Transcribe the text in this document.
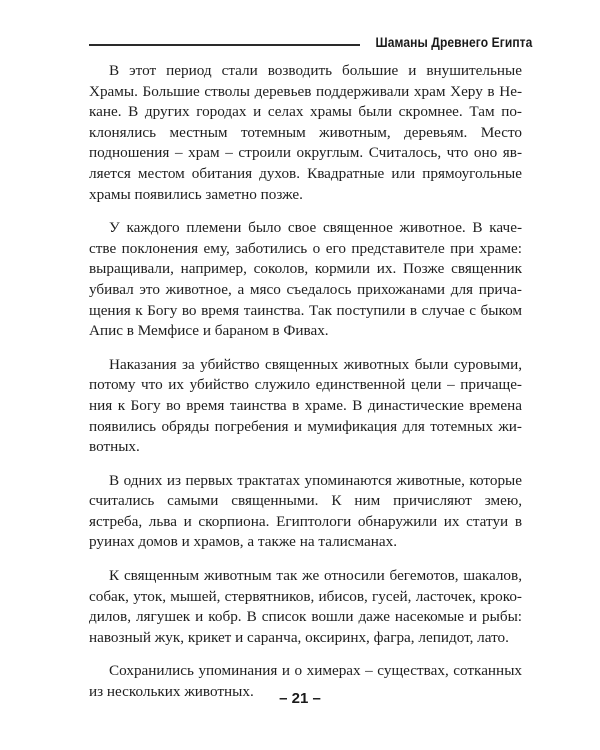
Шаманы Древнего Египта
В этот период стали возводить большие и внушительные
Храмы. Большие стволы деревьев поддерживали храм Херу в Не-
кане. В других городах и селах храмы были скромнее. Там по-
клонялись местным тотемным животным, деревьям. Место
подношения – храм – строили округлым. Считалось, что оно яв-
ляется местом обитания духов. Квадратные или прямоугольные
храмы появились заметно позже.
У каждого племени было свое священное животное. В каче-
стве поклонения ему, заботились о его представителе при храме:
выращивали, например, соколов, кормили их. Позже священник
убивал это животное, а мясо съедалось прихожанами для прича-
щения к Богу во время таинства. Так поступили в случае с быком
Апис в Мемфисе и бараном в Фивах.
Наказания за убийство священных животных были суровыми,
потому что их убийство служило единственной цели – причаще-
ния к Богу во время таинства в храме. В династические времена
появились обряды погребения и мумификация для тотемных жи-
вотных.
В одних из первых трактатах упоминаются животные, которые
считались самыми священными. К ним причисляют змею,
ястреба, льва и скорпиона. Египтологи обнаружили их статуи в
руинах домов и храмов, а также на талисманах.
К священным животным так же относили бегемотов, шакалов,
собак, уток, мышей, стервятников, ибисов, гусей, ласточек, кроко-
дилов, лягушек и кобр. В список вошли даже насекомые и рыбы:
навозный жук, крикет и саранча, оксиринх, фагра, лепидот, лато.
Сохранились упоминания и о химерах – существах, сотканных
из нескольких животных.	– 21 –
